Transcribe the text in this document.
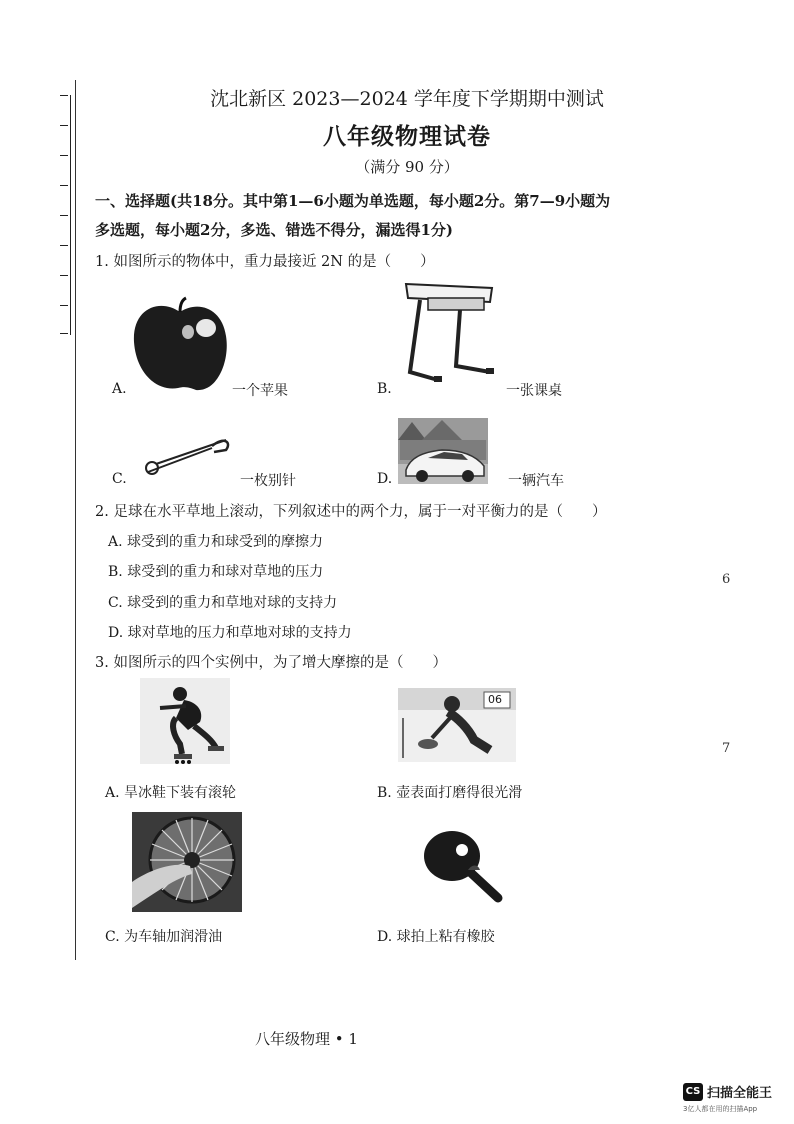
沈北新区 2023—2024 学年度下学期期中测试
八年级物理试卷
（满分 90 分）
一、选择题(共18分。其中第1—6小题为单选题，每小题2分。第7—9小题为
多选题，每小题2分，多选、错选不得分，漏选得1分)
1. 如图所示的物体中，重力最接近 2N 的是（　　）
A.	一个苹果	B.	一张课桌
C.	一枚别针	D.	一辆汽车
2. 足球在水平草地上滚动，下列叙述中的两个力，属于一对平衡力的是（　　）
A. 球受到的重力和球受到的摩擦力
B. 球受到的重力和球对草地的压力
C. 球受到的重力和草地对球的支持力
D. 球对草地的压力和草地对球的支持力
3. 如图所示的四个实例中，为了增大摩擦的是（　　）
06
A. 旱冰鞋下装有滚轮	B. 壶表面打磨得很光滑
C. 为车轴加润滑油	D. 球拍上粘有橡胶
6
7
八年级物理 • 1
CS 扫描全能王
3亿人都在用的扫描App
